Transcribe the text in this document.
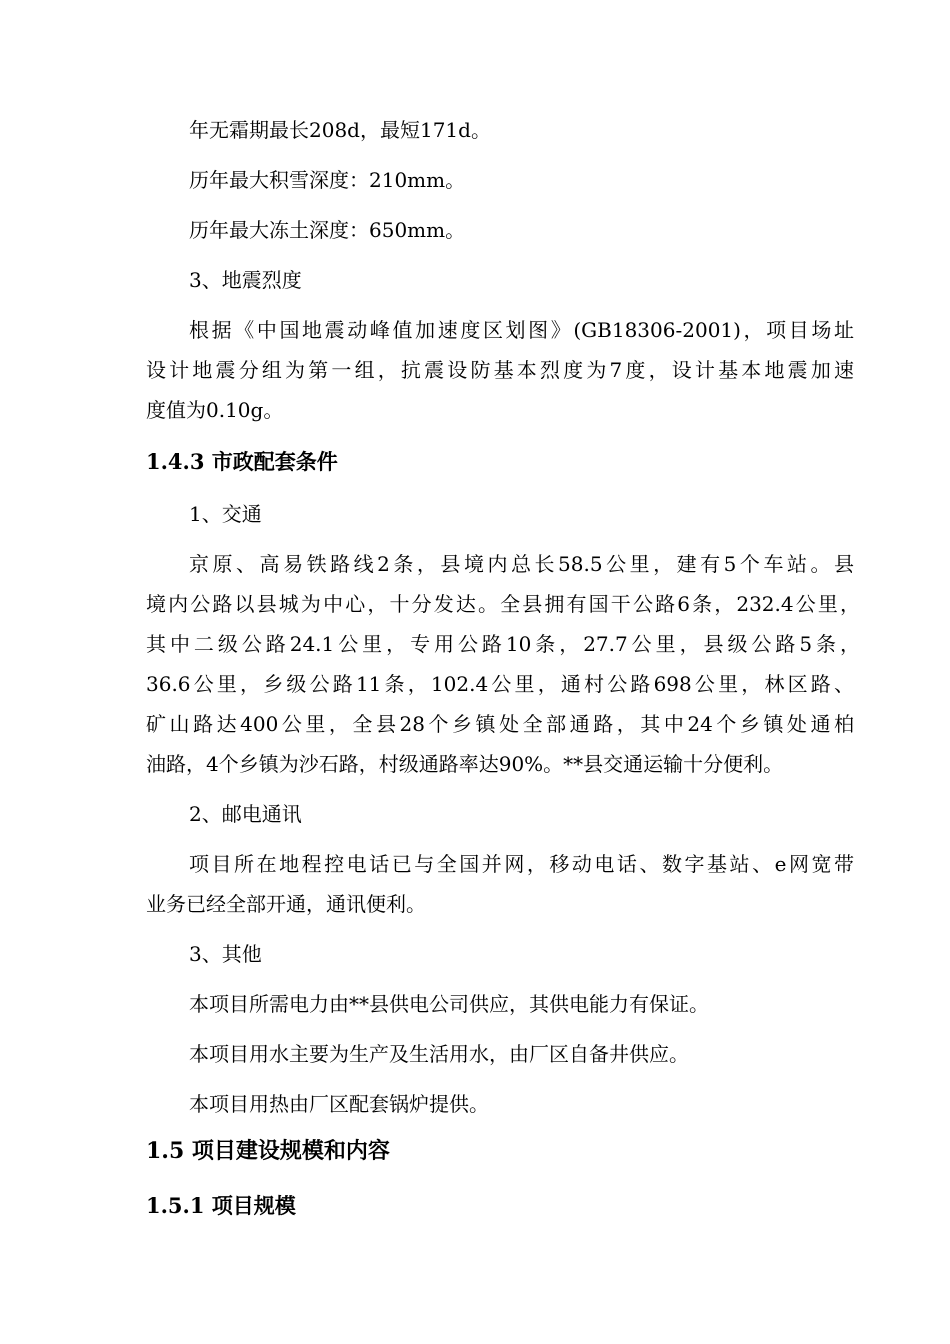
年无霜期最长208d，最短171d。
历年最大积雪深度：210mm。
历年最大冻土深度：650mm。
3、地震烈度
根据《中国地震动峰值加速度区划图》(GB18306-2001)，项目场址
设计地震分组为第一组，抗震设防基本烈度为7度，设计基本地震加速
度值为0.10g。
1.4.3 市政配套条件
1、交通
京原、高易铁路线2条，县境内总长58.5公里，建有5个车站。县
境内公路以县城为中心，十分发达。全县拥有国干公路6条，232.4公里，
其中二级公路24.1公里，专用公路10条，27.7公里，县级公路5条，
36.6公里，乡级公路11条，102.4公里，通村公路698公里，林区路、
矿山路达400公里，全县28个乡镇处全部通路，其中24个乡镇处通柏
油路，4个乡镇为沙石路，村级通路率达90%。**县交通运输十分便利。
2、邮电通讯
项目所在地程控电话已与全国并网，移动电话、数字基站、e网宽带
业务已经全部开通，通讯便利。
3、其他
本项目所需电力由**县供电公司供应，其供电能力有保证。
本项目用水主要为生产及生活用水，由厂区自备井供应。
本项目用热由厂区配套锅炉提供。
1.5 项目建设规模和内容
1.5.1 项目规模
